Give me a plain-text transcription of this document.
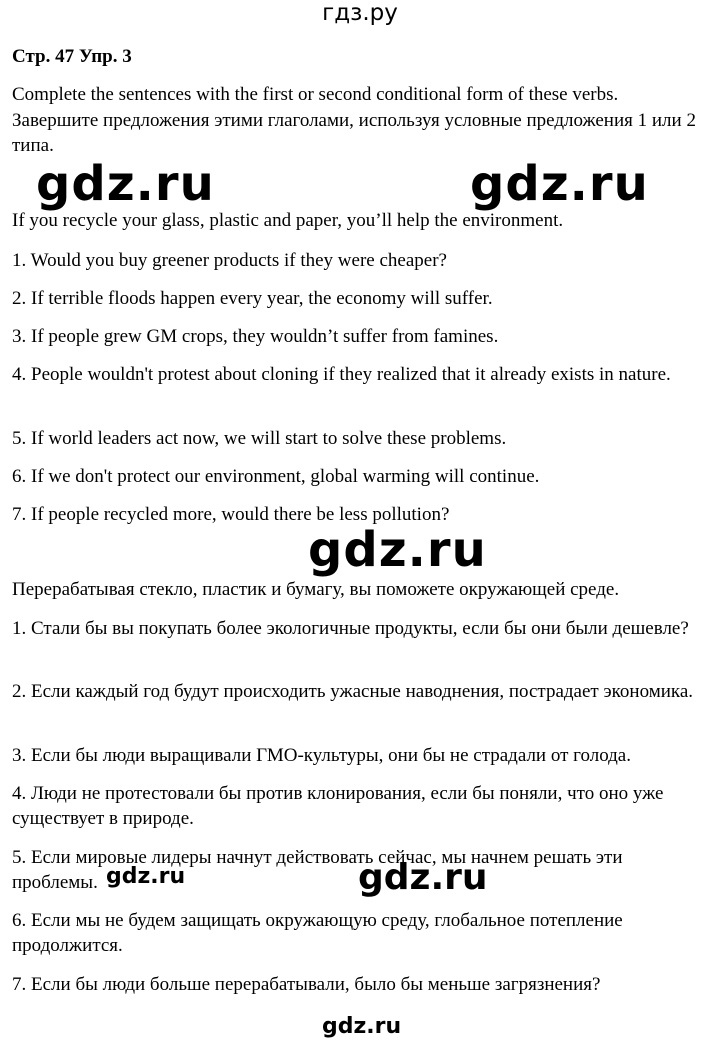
гдз.ру

Стр. 47 Упр. 3

Complete the sentences with the first or second conditional form of these verbs.

Завершите предложения этими глаголами, используя условные предложения 1 или 2 типа.

gdz.ru	gdz.ru

If you recycle your glass, plastic and paper, you’ll help the environment.

1. Would you buy greener products if they were cheaper?

2. If terrible floods happen every year, the economy will suffer.

3. If people grew GM crops, they wouldn’t suffer from famines.

4. People wouldn't protest about cloning if they realized that it already exists in nature.

5. If world leaders act now, we will start to solve these problems.

6. If we don't protect our environment, global warming will continue.

7. If people recycled more, would there be less pollution?

gdz.ru

Перерабатывая стекло, пластик и бумагу, вы поможете окружающей среде.

1. Стали бы вы покупать более экологичные продукты, если бы они были дешевле?

2. Если каждый год будут происходить ужасные наводнения, пострадает экономика.

3. Если бы люди выращивали ГМО-культуры, они бы не страдали от голода.

4. Люди не протестовали бы против клонирования, если бы поняли, что оно уже существует в природе.

5. Если мировые лидеры начнут действовать сейчас, мы начнем решать эти проблемы. gdz.ru	gdz.ru

6. Если мы не будем защищать окружающую среду, глобальное потепление продолжится.

7. Если бы люди больше перерабатывали, было бы меньше загрязнения?

gdz.ru
